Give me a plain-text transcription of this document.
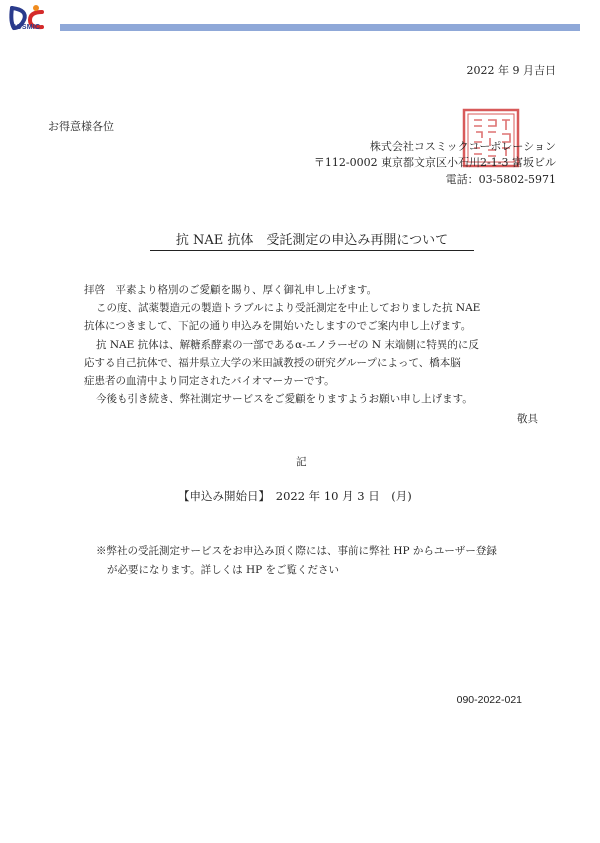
COSMIC
2022 年 9 月吉日
お得意様各位
株式会社コスミックコーポレーション
〒112-0002 東京都文京区小石川2-1-3 富坂ビル
電話：03-5802-5971
抗 NAE 抗体　受託測定の申込み再開について
拝啓　平素より格別のご愛顧を賜り、厚く御礼申し上げます。
この度、試薬製造元の製造トラブルにより受託測定を中止しておりました抗 NAE
抗体につきまして、下記の通り申込みを開始いたしますのでご案内申し上げます。
抗 NAE 抗体は、解糖系酵素の一部であるα-エノラーゼの N 末端側に特異的に反
応する自己抗体で、福井県立大学の米田誠教授の研究グループによって、橋本脳
症患者の血清中より同定されたバイオマーカーです。
今後も引き続き、弊社測定サービスをご愛顧をりますようお願い申し上げます。
敬具
記
【申込み開始日】　2022 年 10 月 3 日　(月)
※弊社の受託測定サービスをお申込み頂く際には、事前に弊社 HP からユーザー登録
が必要になります。詳しくは HP をご覧ください
090-2022-021
